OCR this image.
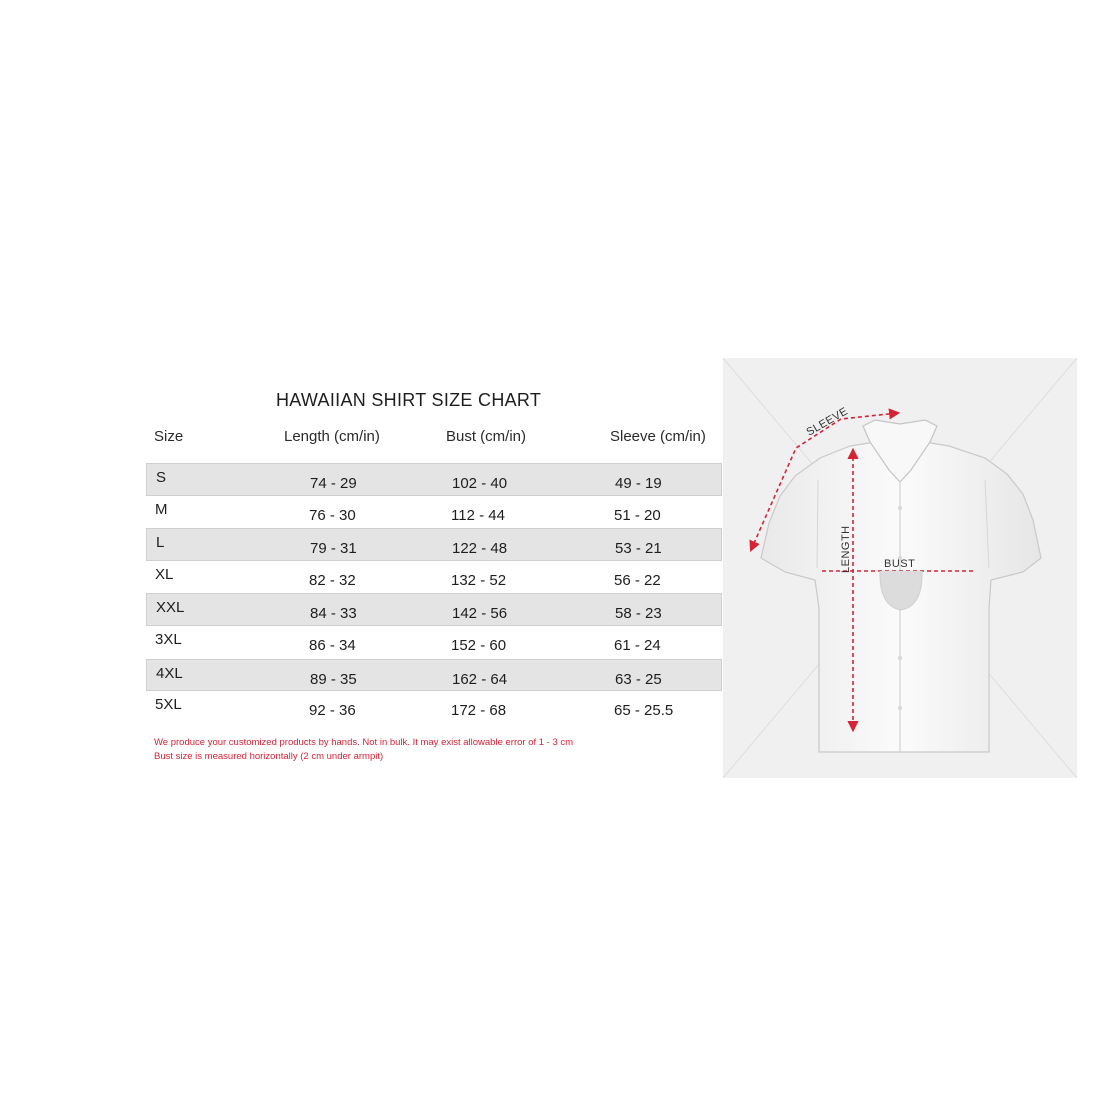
HAWAIIAN SHIRT SIZE CHART
Size	Length (cm/in)	Bust (cm/in)	Sleeve (cm/in)
S	74 - 29	102 - 40	49 - 19
M	76 - 30	112 - 44	51 - 20
L	79 - 31	122 - 48	53 - 21
XL	82 - 32	132 - 52	56 - 22
XXL	84 - 33	142 - 56	58 - 23
3XL	86 - 34	152 - 60	61 - 24
4XL	89 - 35	162 - 64	63 - 25
5XL	92 - 36	172 - 68	65 - 25.5
We produce your customized products by hands. Not in bulk. It may exist allowable error of 1 - 3 cm
Bust size is measured horizontally (2 cm under armpit)
BUST
LENGTH
SLEEVE
